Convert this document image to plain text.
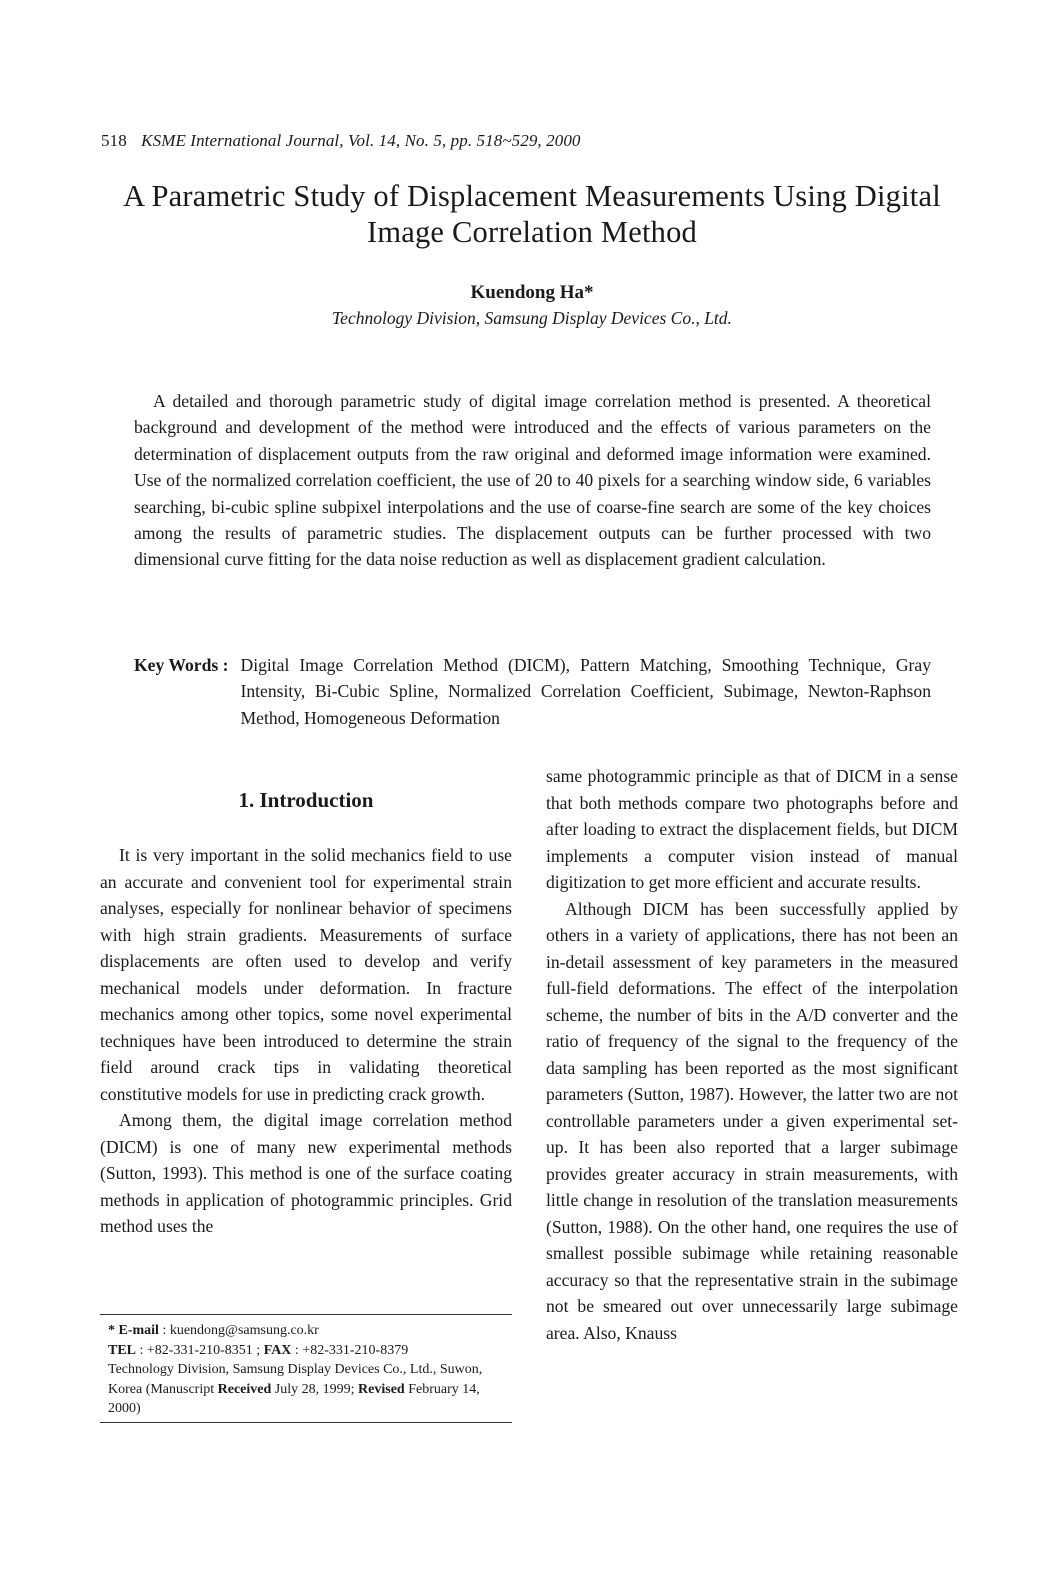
518 KSME International Journal, Vol. 14, No. 5, pp. 518~529, 2000
A Parametric Study of Displacement Measurements Using Digital
Image Correlation Method
Kuendong Ha*
Technology Division, Samsung Display Devices Co., Ltd.
A detailed and thorough parametric study of digital image correlation method is presented. A theoretical background and development of the method were introduced and the effects of various parameters on the determination of displacement outputs from the raw original and deformed image information were examined. Use of the normalized correlation coefficient, the use of 20 to 40 pixels for a searching window side, 6 variables searching, bi-cubic spline subpixel interpolations and the use of coarse-fine search are some of the key choices among the results of parametric studies. The displacement outputs can be further processed with two dimensional curve fitting for the data noise reduction as well as displacement gradient calculation.
Key Words : Digital Image Correlation Method (DICM), Pattern Matching, Smoothing Technique, Gray Intensity, Bi-Cubic Spline, Normalized Correlation Coefficient, Subimage, Newton-Raphson Method, Homogeneous Deformation
1. Introduction

It is very important in the solid mechanics field to use an accurate and convenient tool for experimental strain analyses, especially for nonlinear behavior of specimens with high strain gradients. Measurements of surface displacements are often used to develop and verify mechanical models under deformation. In fracture mechanics among other topics, some novel experimental techniques have been introduced to determine the strain field around crack tips in validating theoretical constitutive models for use in predicting crack growth.

Among them, the digital image correlation method (DICM) is one of many new experimental methods (Sutton, 1993). This method is one of the surface coating methods in application of photogrammic principles. Grid method uses the

same photogrammic principle as that of DICM in a sense that both methods compare two photographs before and after loading to extract the displacement fields, but DICM implements a computer vision instead of manual digitization to get more efficient and accurate results.

Although DICM has been successfully applied by others in a variety of applications, there has not been an in-detail assessment of key parameters in the measured full-field deformations. The effect of the interpolation scheme, the number of bits in the A/D converter and the ratio of frequency of the signal to the frequency of the data sampling has been reported as the most significant parameters (Sutton, 1987). However, the latter two are not controllable parameters under a given experimental set-up. It has been also reported that a larger subimage provides greater accuracy in strain measurements, with little change in resolution of the translation measurements (Sutton, 1988). On the other hand, one requires the use of smallest possible subimage while retaining reasonable accuracy so that the representative strain in the subimage not be smeared out over unnecessarily large subimage area. Also, Knauss

* E-mail : kuendong@samsung.co.kr
TEL : +82-331-210-8351 ; FAX : +82-331-210-8379
Technology Division, Samsung Display Devices Co., Ltd., Suwon, Korea (Manuscript Received July 28, 1999; Revised February 14, 2000)
